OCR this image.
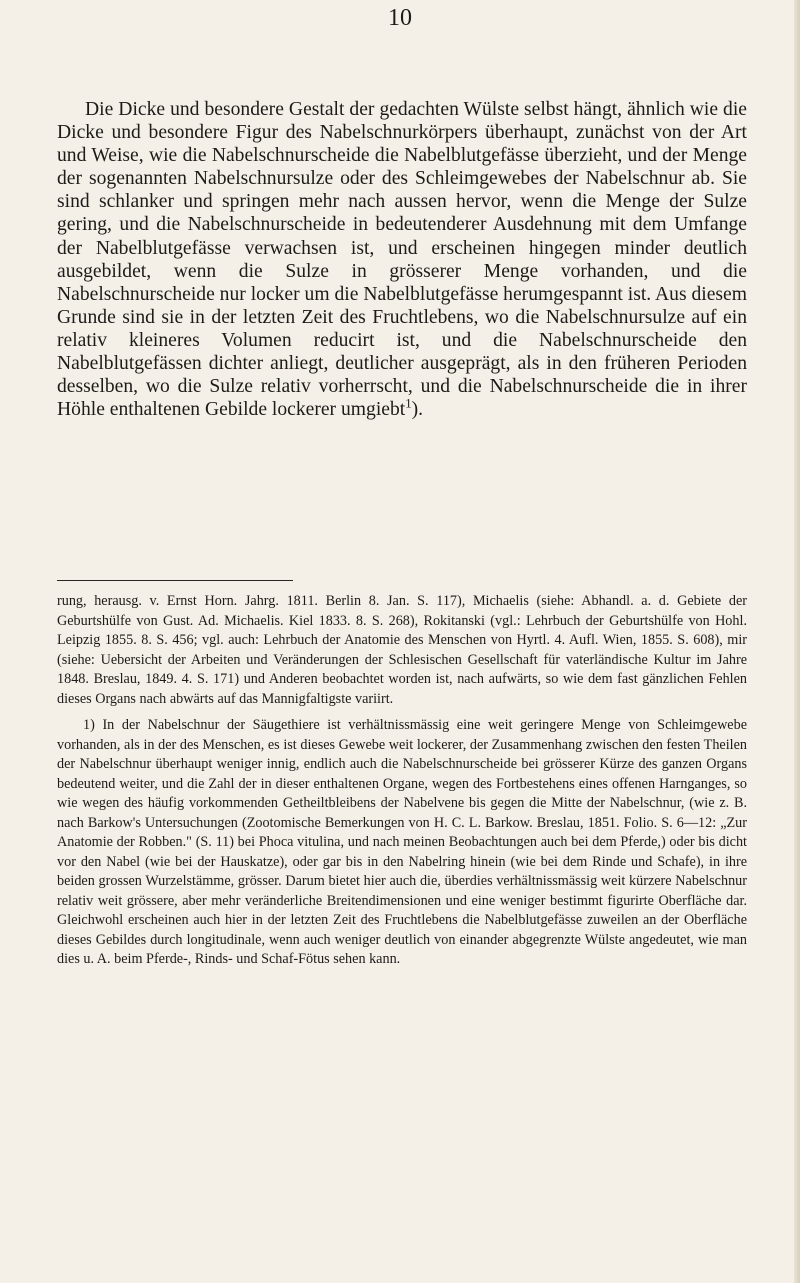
10

Die Dicke und besondere Gestalt der gedachten Wülste selbst hängt, ähnlich wie die Dicke und besondere Figur des Nabelschnurkörpers überhaupt, zunächst von der Art und Weise, wie die Nabelschnurscheide die Nabelblutgefässe überzieht, und der Menge der sogenannten Nabelschnursulze oder des Schleimgewebes der Nabelschnur ab. Sie sind schlanker und springen mehr nach aussen hervor, wenn die Menge der Sulze gering, und die Nabelschnurscheide in bedeutenderer Ausdehnung mit dem Umfange der Nabelblutgefässe verwachsen ist, und erscheinen hingegen minder deutlich ausgebildet, wenn die Sulze in grösserer Menge vorhanden, und die Nabelschnurscheide nur locker um die Nabelblutgefässe herumgespannt ist. Aus diesem Grunde sind sie in der letzten Zeit des Fruchtlebens, wo die Nabelschnursulze auf ein relativ kleineres Volumen reducirt ist, und die Nabelschnurscheide den Nabelblutgefässen dichter anliegt, deutlicher ausgeprägt, als in den früheren Perioden desselben, wo die Sulze relativ vorherrscht, und die Nabelschnurscheide die in ihrer Höhle enthaltenen Gebilde lockerer umgiebt$^1$).

rung, herausg. v. Ernst Horn. Jahrg. 1811. Berlin 8. Jan. S. 117), Michaelis (siehe: Abhandl. a. d. Gebiete der Geburtshülfe von Gust. Ad. Michaelis. Kiel 1833. 8. S. 268), Rokitanski (vgl.: Lehrbuch der Geburtshülfe von Hohl. Leipzig 1855. 8. S. 456; vgl. auch: Lehrbuch der Anatomie des Menschen von Hyrtl. 4. Aufl. Wien, 1855. S. 608), mir (siehe: Uebersicht der Arbeiten und Veränderungen der Schlesischen Gesellschaft für vaterländische Kultur im Jahre 1848. Breslau, 1849. 4. S. 171) und Anderen beobachtet worden ist, nach aufwärts, so wie dem fast gänzlichen Fehlen dieses Organs nach abwärts auf das Mannigfaltigste variirt.

1) In der Nabelschnur der Säugethiere ist verhältnissmässig eine weit geringere Menge von Schleimgewebe vorhanden, als in der des Menschen, es ist dieses Gewebe weit lockerer, der Zusammenhang zwischen den festen Theilen der Nabelschnur überhaupt weniger innig, endlich auch die Nabelschnurscheide bei grösserer Kürze des ganzen Organs bedeutend weiter, und die Zahl der in dieser enthaltenen Organe, wegen des Fortbestehens eines offenen Harnganges, so wie wegen des häufig vorkommenden Getheiltbleibens der Nabelvene bis gegen die Mitte der Nabelschnur, (wie z. B. nach Barkow's Untersuchungen (Zootomische Bemerkungen von H. C. L. Barkow. Breslau, 1851. Folio. S. 6—12: „Zur Anatomie der Robben." (S. 11) bei Phoca vitulina, und nach meinen Beobachtungen auch bei dem Pferde,) oder bis dicht vor den Nabel (wie bei der Hauskatze), oder gar bis in den Nabelring hinein (wie bei dem Rinde und Schafe), in ihre beiden grossen Wurzelstämme, grösser. Darum bietet hier auch die, überdies verhältnissmässig weit kürzere Nabelschnur relativ weit grössere, aber mehr veränderliche Breitendimensionen und eine weniger bestimmt figurirte Oberfläche dar. Gleichwohl erscheinen auch hier in der letzten Zeit des Fruchtlebens die Nabelblutgefässe zuweilen an der Oberfläche dieses Gebildes durch longitudinale, wenn auch weniger deutlich von einander abgegrenzte Wülste angedeutet, wie man dies u. A. beim Pferde-, Rinds- und Schaf-Fötus sehen kann.
